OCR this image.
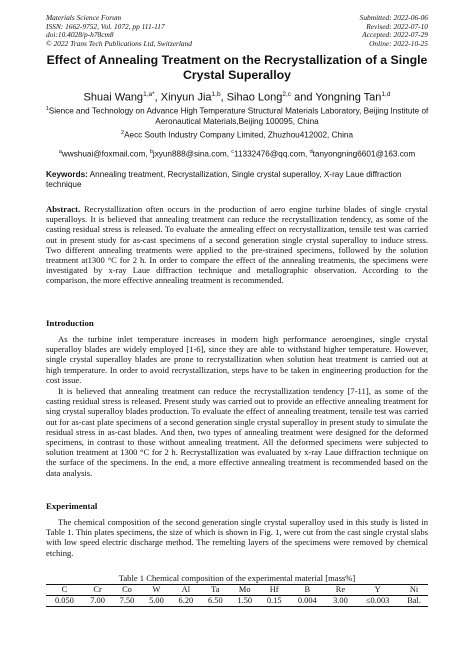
Materials Science Forum
ISSN: 1662-9752, Vol. 1072, pp 111-117
doi:10.4028/p-h78cm8
© 2022 Trans Tech Publications Ltd, Switzerland
Submitted: 2022-06-06
Revised: 2022-07-10
Accepted: 2022-07-29
Online: 2022-10-25
Effect of Annealing Treatment on the Recrystallization of a Single Crystal Superalloy
Shuai Wang$^{1,a*}$, Xinyun Jia$^{1,b}$, Sihao Long$^{2,c}$ and Yongning Tan$^{1,d}$
$^1$Sience and Technology on Advance High Temperature Structural Materials Laboratory, Beijing Institute of Aeronautical Materials,Beijing 100095, China
$^2$Aecc South Industry Company Limited, Zhuzhou412002, China
$^a$wwshuai@foxmail.com, $^b$jxyun888@sina.com, $^c$11332476@qq.com, $^d$tanyongning6601@163.com
Keywords: Annealing treatment, Recrystallization, Single crystal superalloy, X-ray Laue diffraction technique
Abstract. Recrystallization often occurs in the production of aero engine turbine blades of single crystal superalloys. It is believed that annealing treatment can reduce the recrystallization tendency, as some of the casting residual stress is released. To evaluate the annealing effect on recrystallization, tensile test was carried out in present study for as-cast specimens of a second generation single crystal superalloy to induce stress. Two different annealing treatments were applied to the pre-strained specimens, followed by the solution treatment at1300 °C for 2 h. In order to compare the effect of the annealing treatments, the specimens were investigated by x-ray Laue diffraction technique and metallographic observation. According to the comparison, the more effective annealing treatment is recommended.
Introduction
As the turbine inlet temperature increases in modern high performance aeroengines, single crystal superalloy blades are widely employed [1-6], since they are able to withstand higher temperature. However, single crystal superalloy blades are prone to recrystallization when solution heat treatment is carried out at high temperature. In order to avoid recrystallization, steps have to be taken in engineering production for the cost issue.
It is believed that annealing treatment can reduce the recrystallization tendency [7-11], as some of the casting residual stress is released. Present study was carried out to provide an effective annealing treatment for sing crystal superalloy blades production. To evaluate the effect of annealing treatment, tensile test was carried out for as-cast plate specimens of a second generation single crystal superalloy in present study to simulate the residual stress in as-cast blades. And then, two types of annealing treatment were designed for the deformed specimens, in contrast to those without annealing treatment. All the deformed specimens were subjected to solution treatment at 1300 °C for 2 h. Recrystallization was evaluated by x-ray Laue diffraction technique on the surface of the specimens. In the end, a more effective annealing treatment is recommended based on the data analysis.
Experimental
The chemical composition of the second generation single crystal superalloy used in this study is listed in Table 1. Thin plates specimens, the size of which is shown in Fig. 1, were cut from the cast single crystal slabs with low speed electric discharge method. The remelting layers of the specimens were removed by chemical etching.
Table 1 Chemical composition of the experimental material [mass%]
C	Cr	Co	W	Al	Ta	Mo	Hf	B	Re	Y	Ni
0.050	7.00	7.50	5.00	6.20	6.50	1.50	0.15	0.004	3.00	≤0.003	Bal.
